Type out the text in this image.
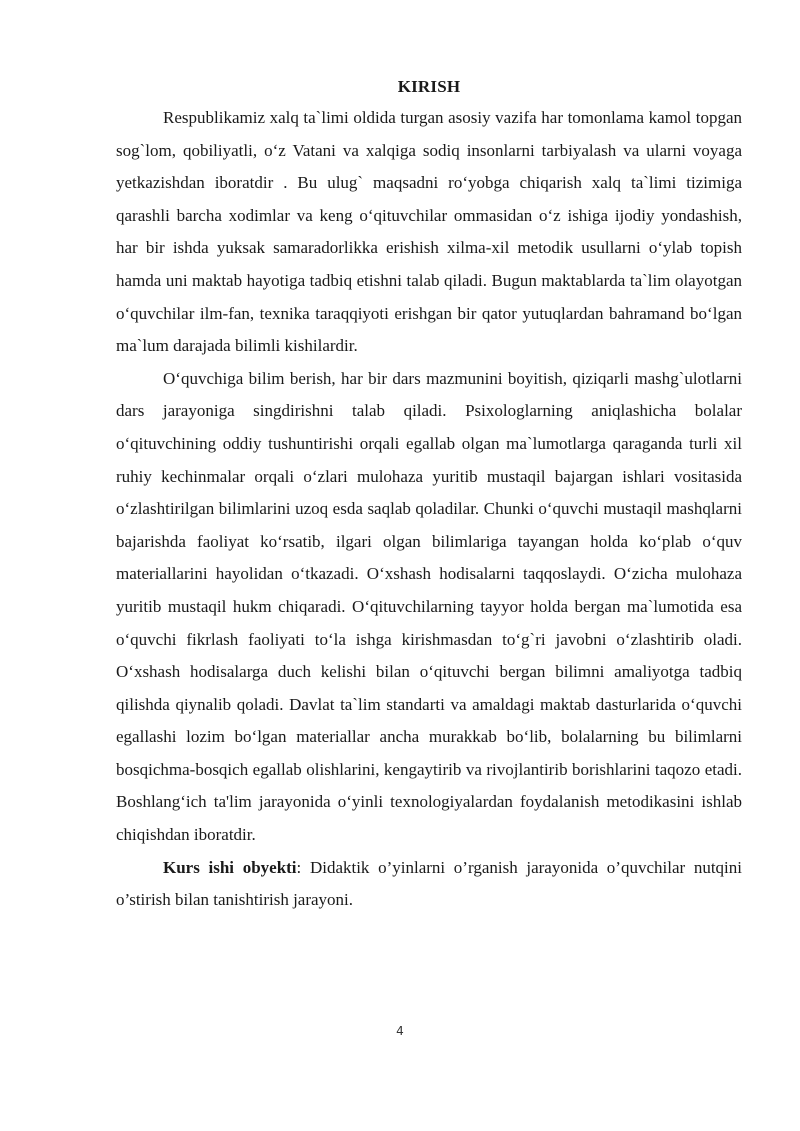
KIRISH

Respublikamiz xalq ta`limi oldida turgan asosiy vazifa har tomonlama kamol topgan sog`lom, qobiliyatli, o‘z Vatani va xalqiga sodiq insonlarni tarbiyalash va ularni voyaga yetkazishdan iboratdir . Bu ulug` maqsadni ro‘yobga chiqarish xalq ta`limi tizimiga qarashli barcha xodimlar va keng o‘qituvchilar ommasidan o‘z ishiga ijodiy yondashish, har bir ishda yuksak samaradorlikka erishish xilma-xil metodik usullarni o‘ylab topish hamda uni maktab hayotiga tadbiq etishni talab qiladi. Bugun maktablarda ta`lim olayotgan o‘quvchilar ilm-fan, texnika taraqqiyoti erishgan bir qator yutuqlardan bahramand bo‘lgan ma`lum darajada bilimli kishilardir.

O‘quvchiga bilim berish, har bir dars mazmunini boyitish, qiziqarli mashg`ulotlarni dars jarayoniga singdirishni talab qiladi. Psixologlarning aniqlashicha bolalar o‘qituvchining oddiy tushuntirishi orqali egallab olgan ma`lumotlarga qaraganda turli xil ruhiy kechinmalar orqali o‘zlari mulohaza yuritib mustaqil bajargan ishlari vositasida o‘zlashtirilgan bilimlarini uzoq esda saqlab qoladilar. Chunki o‘quvchi mustaqil mashqlarni bajarishda faoliyat ko‘rsatib, ilgari olgan bilimlariga tayangan holda ko‘plab o‘quv materiallarini hayolidan o‘tkazadi. O‘xshash hodisalarni taqqoslaydi. O‘zicha mulohaza yuritib mustaqil hukm chiqaradi. O‘qituvchilarning tayyor holda bergan ma`lumotida esa o‘quvchi fikrlash faoliyati to‘la ishga kirishmasdan to‘g`ri javobni o‘zlashtirib oladi. O‘xshash hodisalarga duch kelishi bilan o‘qituvchi bergan bilimni amaliyotga tadbiq qilishda qiynalib qoladi. Davlat ta`lim standarti va amaldagi maktab dasturlarida o‘quvchi egallashi lozim bo‘lgan materiallar ancha murakkab bo‘lib, bolalarning bu bilimlarni bosqichma-bosqich egallab olishlarini, kengaytirib va rivojlantirib borishlarini taqozo etadi. Boshlang‘ich ta'lim jarayonida o‘yinli texnologiyalardan foydalanish metodikasini ishlab chiqishdan iboratdir.

Kurs ishi obyekti: Didaktik o’yinlarni o’rganish jarayonida o’quvchilar nutqini o’stirish bilan tanishtirish jarayoni.

4
